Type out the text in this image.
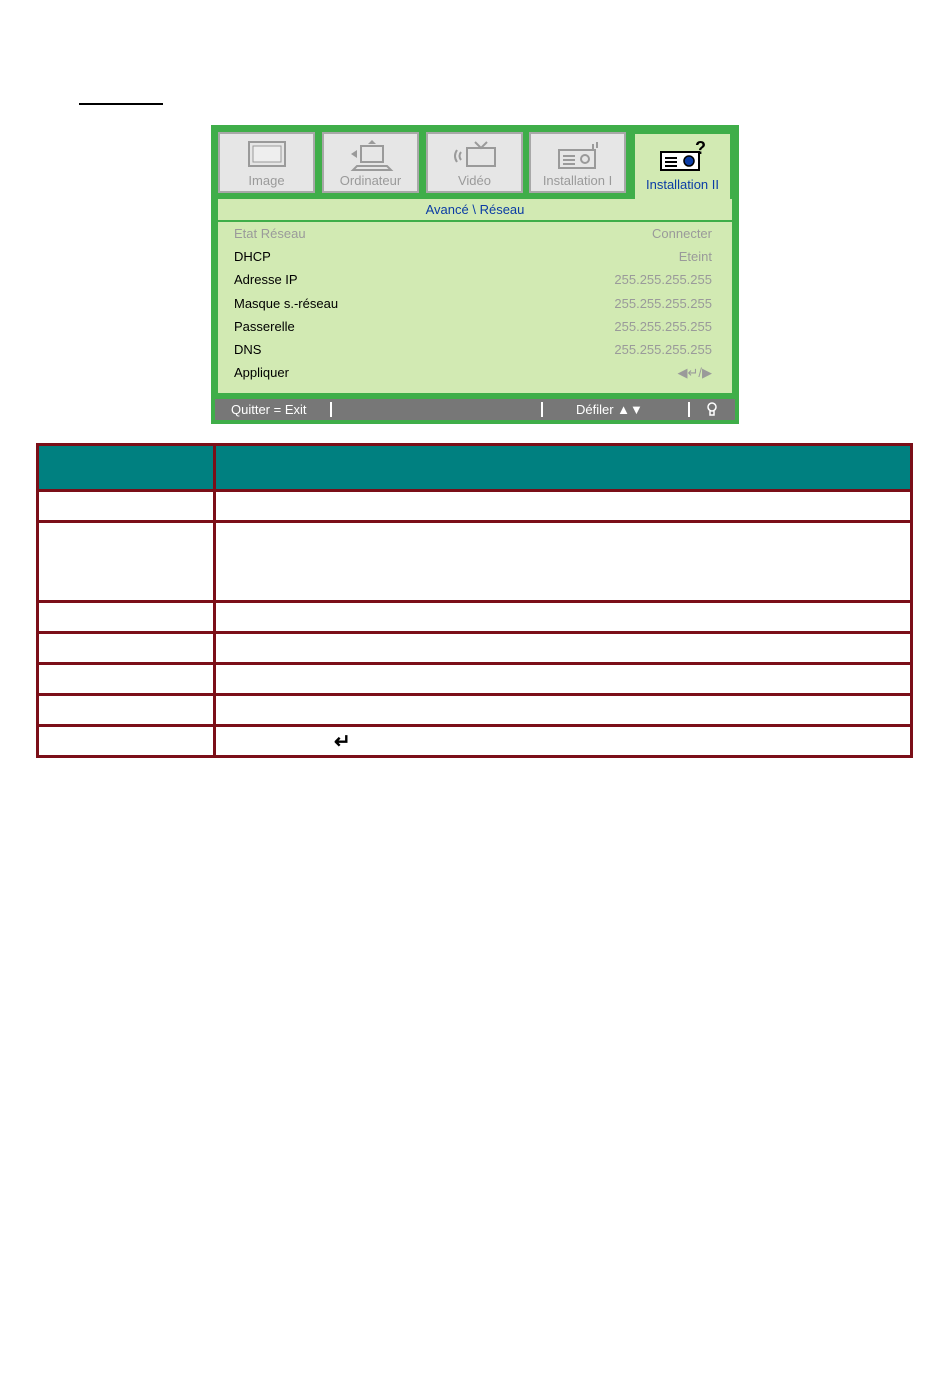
Image	Ordinateur	Vidéo	Installation I
?
Installation II
Avancé \ Réseau
Etat Réseau	Connecter
DHCP	Eteint
Adresse IP	255.255.255.255
Masque s.-réseau	255.255.255.255
Passerelle	255.255.255.255
DNS	255.255.255.255
Appliquer	◀↵/▶
Quitter = Exit	Défiler ▲▼

	↵
